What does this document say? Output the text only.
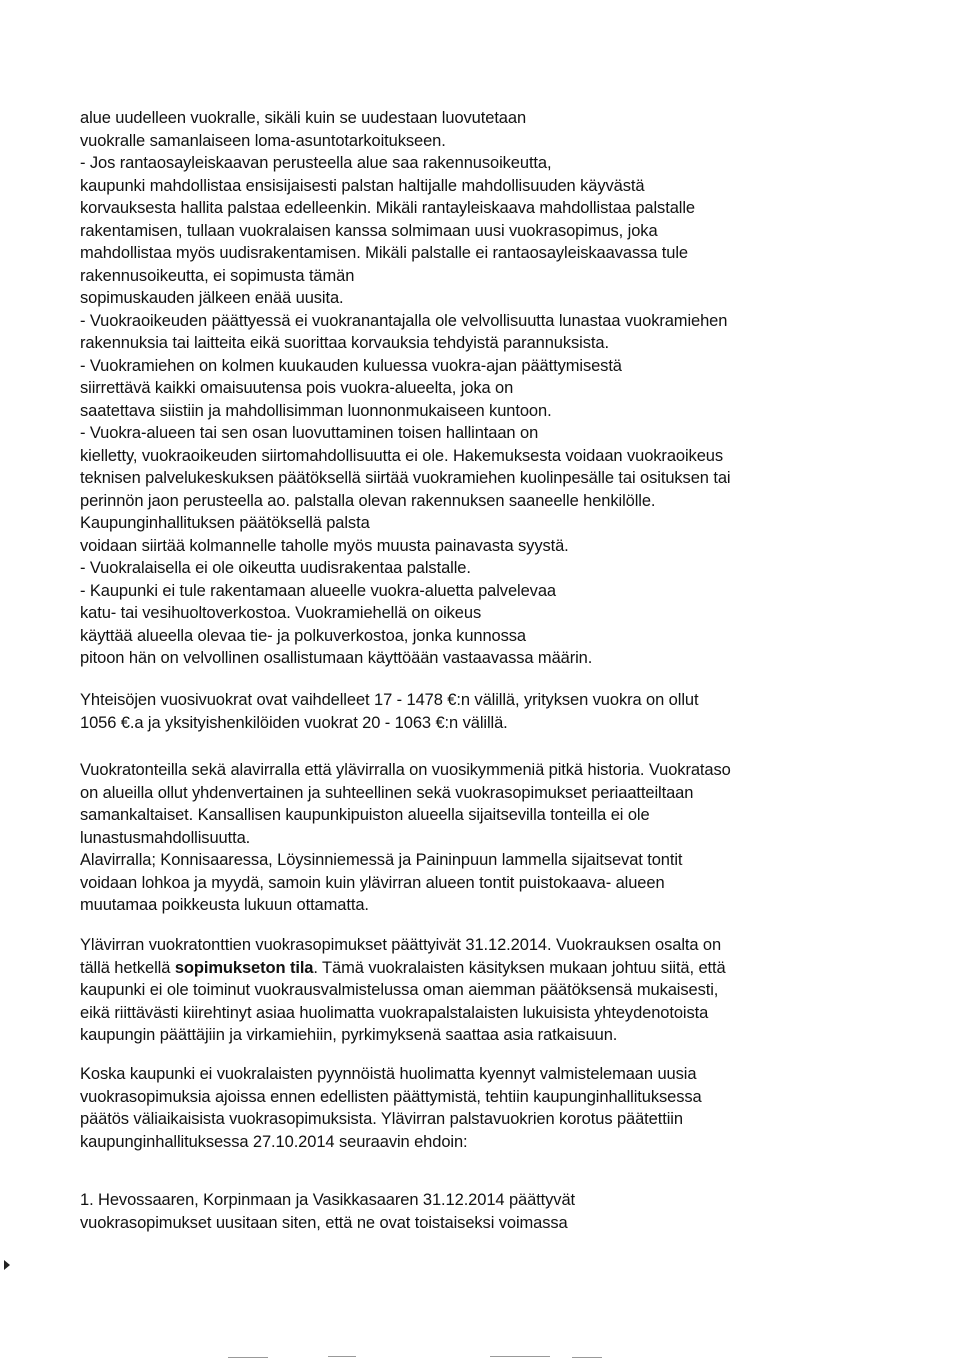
alue uudelleen vuokralle, sikäli kuin se uudestaan luovutetaan
vuokralle samanlaiseen loma-asuntotarkoitukseen.
- Jos rantaosayleiskaavan perusteella alue saa rakennusoikeutta,
kaupunki mahdollistaa ensisijaisesti palstan haltijalle mahdollisuuden käyvästä
korvauksesta hallita palstaa edelleenkin. Mikäli rantayleiskaava mahdollistaa palstalle
rakentamisen, tullaan vuokralaisen kanssa solmimaan uusi vuokrasopimus, joka
mahdollistaa myös uudisrakentamisen. Mikäli palstalle ei rantaosayleiskaavassa tule
rakennusoikeutta, ei sopimusta tämän
sopimuskauden jälkeen enää uusita.
- Vuokraoikeuden päättyessä ei vuokranantajalla ole velvollisuutta lunastaa vuokramiehen
rakennuksia tai laitteita eikä suorittaa korvauksia tehdyistä parannuksista.
- Vuokramiehen on kolmen kuukauden kuluessa vuokra-ajan päättymisestä
siirrettävä kaikki omaisuutensa pois vuokra-alueelta, joka on
saatettava siistiin ja mahdollisimman luonnonmukaiseen kuntoon.
- Vuokra-alueen tai sen osan luovuttaminen toisen hallintaan on
kielletty, vuokraoikeuden siirtomahdollisuutta ei ole. Hakemuksesta voidaan vuokraoikeus
teknisen palvelukeskuksen päätöksellä siirtää vuokramiehen kuolinpesälle tai osituksen tai
perinnön jaon perusteella ao. palstalla olevan rakennuksen saaneelle henkilölle.
Kaupunginhallituksen päätöksellä palsta
voidaan siirtää kolmannelle taholle myös muusta painavasta syystä.
- Vuokralaisella ei ole oikeutta uudisrakentaa palstalle.
- Kaupunki ei tule rakentamaan alueelle vuokra-aluetta palvelevaa
katu- tai vesihuoltoverkostoa. Vuokramiehellä on oikeus
käyttää alueella olevaa tie- ja polkuverkostoa, jonka kunnossa
pitoon hän on velvollinen osallistumaan käyttöään vastaavassa määrin.
Yhteisöjen vuosivuokrat ovat vaihdelleet 17 - 1478 €:n välillä, yrityksen vuokra on ollut
1056 €.a ja yksityishenkilöiden vuokrat 20 - 1063 €:n välillä.
Vuokratonteilla sekä alavirralla että ylävirralla on vuosikymmeniä pitkä historia. Vuokrataso
on alueilla ollut yhdenvertainen ja suhteellinen sekä vuokrasopimukset periaatteiltaan
samankaltaiset. Kansallisen kaupunkipuiston alueella sijaitsevilla tonteilla ei ole
lunastusmahdollisuutta.
Alavirralla; Konnisaaressa, Löysinniemessä ja Paininpuun lammella sijaitsevat tontit
voidaan lohkoa ja myydä, samoin kuin ylävirran alueen tontit puistokaava- alueen
muutamaa poikkeusta lukuun ottamatta.
Ylävirran vuokratonttien vuokrasopimukset päättyivät 31.12.2014. Vuokrauksen osalta on
tällä hetkellä sopimukseton tila. Tämä vuokralaisten käsityksen mukaan johtuu siitä, että
kaupunki ei ole toiminut vuokrausvalmistelussa oman aiemman päätöksensä mukaisesti,
eikä riittävästi kiirehtinyt asiaa huolimatta vuokrapalstalaisten lukuisista yhteydenotoista
kaupungin päättäjiin ja virkamiehiin, pyrkimyksenä saattaa asia ratkaisuun.
Koska kaupunki ei vuokralaisten pyynnöistä huolimatta kyennyt valmistelemaan uusia
vuokrasopimuksia ajoissa ennen edellisten päättymistä, tehtiin kaupunginhallituksessa
päätös väliaikaisista vuokrasopimuksista. Ylävirran palstavuokrien korotus päätettiin
kaupunginhallituksessa 27.10.2014 seuraavin ehdoin:
1. Hevossaaren, Korpinmaan ja Vasikkasaaren 31.12.2014 päättyvät
vuokrasopimukset uusitaan siten, että ne ovat toistaiseksi voimassa
